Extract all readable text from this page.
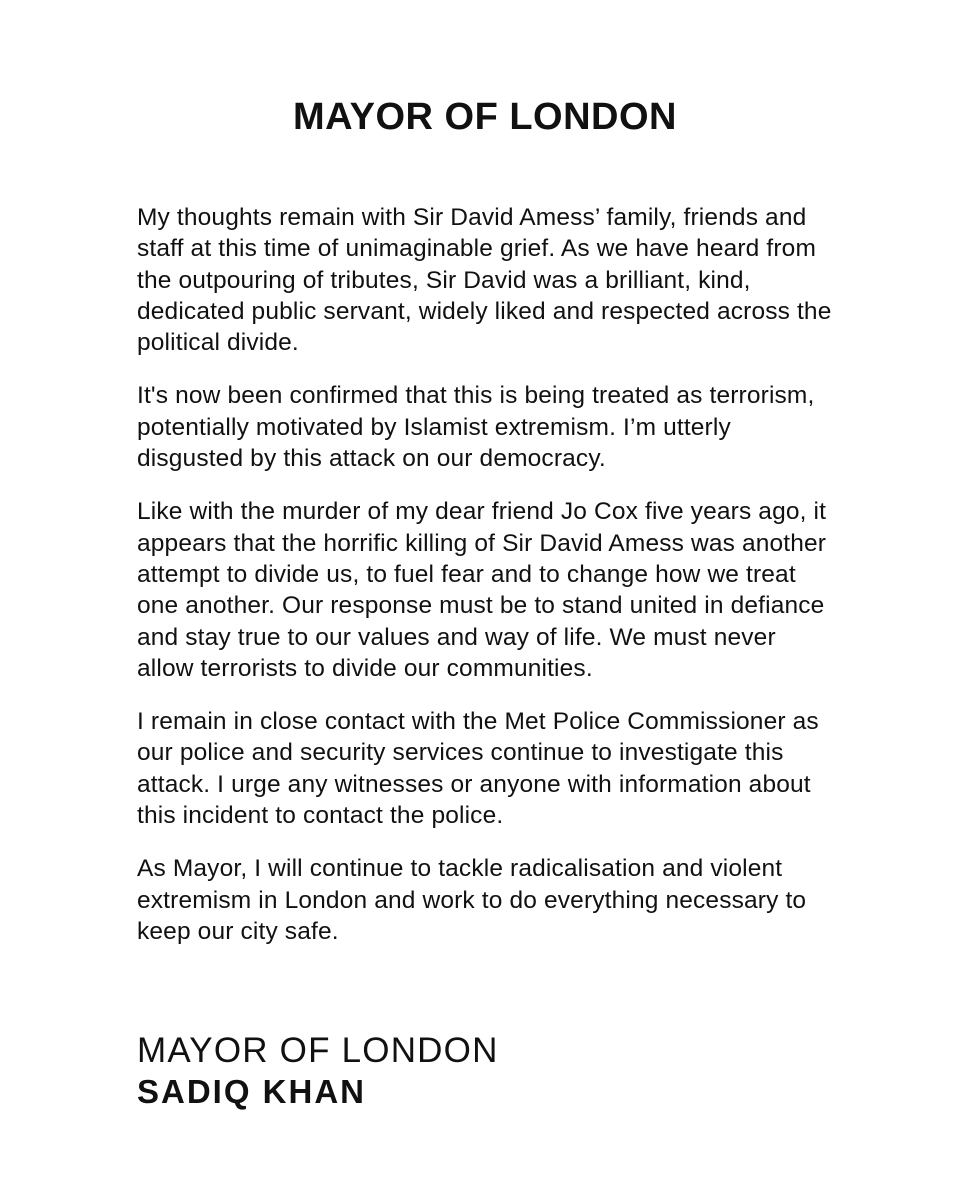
MAYOR OF LONDON

My thoughts remain with Sir David Amess’ family, friends and staff at this time of unimaginable grief. As we have heard from the outpouring of tributes, Sir David was a brilliant, kind, dedicated public servant, widely liked and respected across the political divide.

It's now been confirmed that this is being treated as terrorism, potentially motivated by Islamist extremism. I’m utterly disgusted by this attack on our democracy.

Like with the murder of my dear friend Jo Cox five years ago, it appears that the horrific killing of Sir David Amess was another attempt to divide us, to fuel fear and to change how we treat one another. Our response must be to stand united in defiance and stay true to our values and way of life. We must never allow terrorists to divide our communities.

I remain in close contact with the Met Police Commissioner as our police and security services continue to investigate this attack. I urge any witnesses or anyone with information about this incident to contact the police.

As Mayor, I will continue to tackle radicalisation and violent extremism in London and work to do everything necessary to keep our city safe.

MAYOR OF LONDON
SADIQ KHAN
